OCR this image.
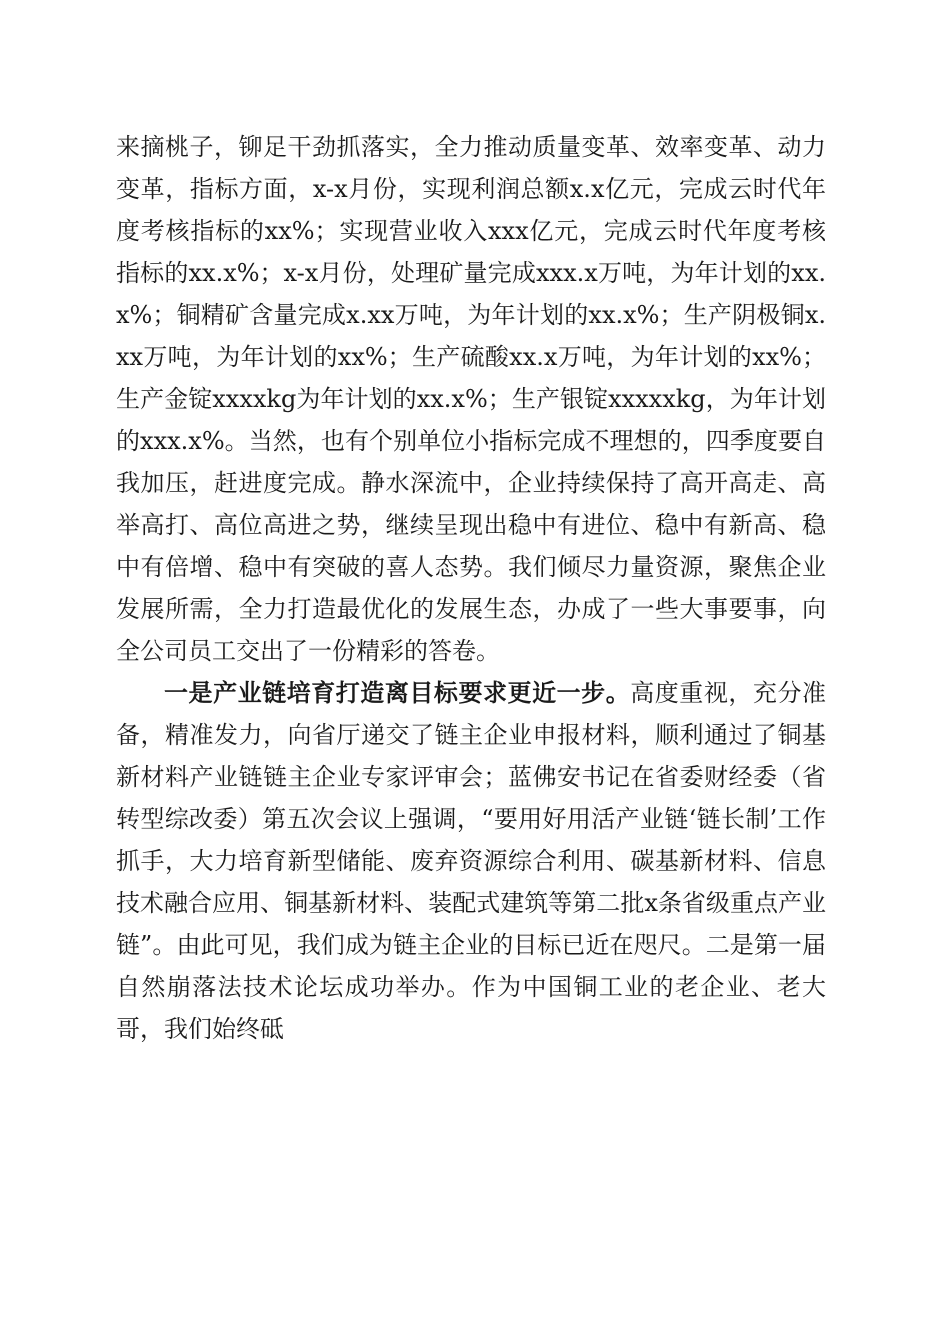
来摘桃子，铆足干劲抓落实，全力推动质量变革、效率变革、动力变革，指标方面，x-x月份，实现利润总额x.x亿元，完成云时代年度考核指标的xx%；实现营业收入xxx亿元，完成云时代年度考核指标的xx.x%；x-x月份，处理矿量完成xxx.x万吨，为年计划的xx.x%；铜精矿含量完成x.xx万吨，为年计划的xx.x%；生产阴极铜x.xx万吨，为年计划的xx%；生产硫酸xx.x万吨，为年计划的xx%；生产金锭xxxxkg为年计划的xx.x%；生产银锭xxxxxkg，为年计划的xxx.x%。当然，也有个别单位小指标完成不理想的，四季度要自我加压，赶进度完成。静水深流中，企业持续保持了高开高走、高举高打、高位高进之势，继续呈现出稳中有进位、稳中有新高、稳中有倍增、稳中有突破的喜人态势。我们倾尽力量资源，聚焦企业发展所需，全力打造最优化的发展生态，办成了一些大事要事，向全公司员工交出了一份精彩的答卷。

一是产业链培育打造离目标要求更近一步。高度重视，充分准备，精准发力，向省厅递交了链主企业申报材料，顺利通过了铜基新材料产业链链主企业专家评审会；蓝佛安书记在省委财经委（省转型综改委）第五次会议上强调，“要用好用活产业链‘链长制’工作抓手，大力培育新型储能、废弃资源综合利用、碳基新材料、信息技术融合应用、铜基新材料、装配式建筑等第二批x条省级重点产业链”。由此可见，我们成为链主企业的目标已近在咫尺。二是第一届自然崩落法技术论坛成功举办。作为中国铜工业的老企业、老大哥，我们始终砥
